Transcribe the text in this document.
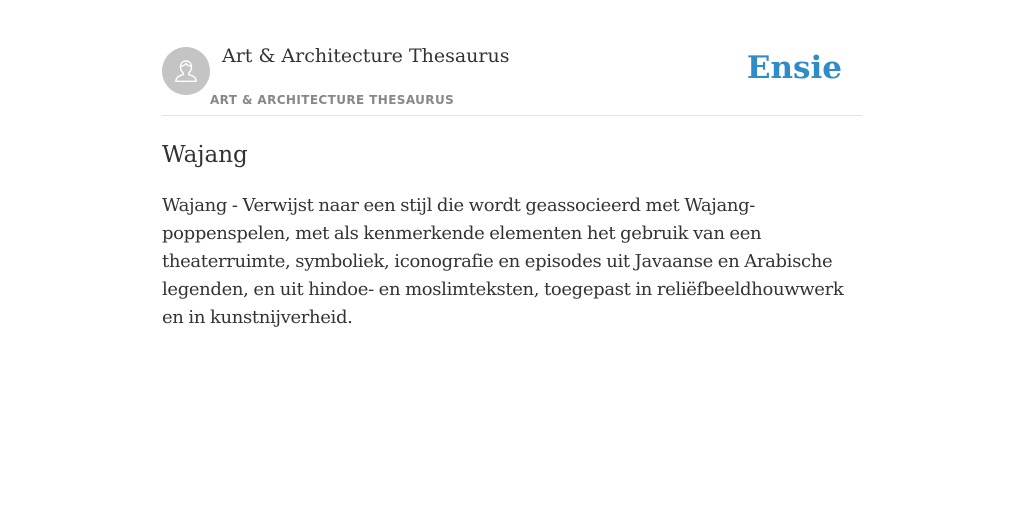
Art & Architecture Thesaurus
ART & ARCHITECTURE THESAURUS
Ensie
Wajang

Wajang - Verwijst naar een stijl die wordt geassocieerd met Wajang-poppenspelen, met als kenmerkende elementen het gebruik van een theaterruimte, symboliek, iconografie en episodes uit Javaanse en Arabische legenden, en uit hindoe- en moslimteksten, toegepast in reliëfbeeldhouwwerk en in kunstnijverheid.
